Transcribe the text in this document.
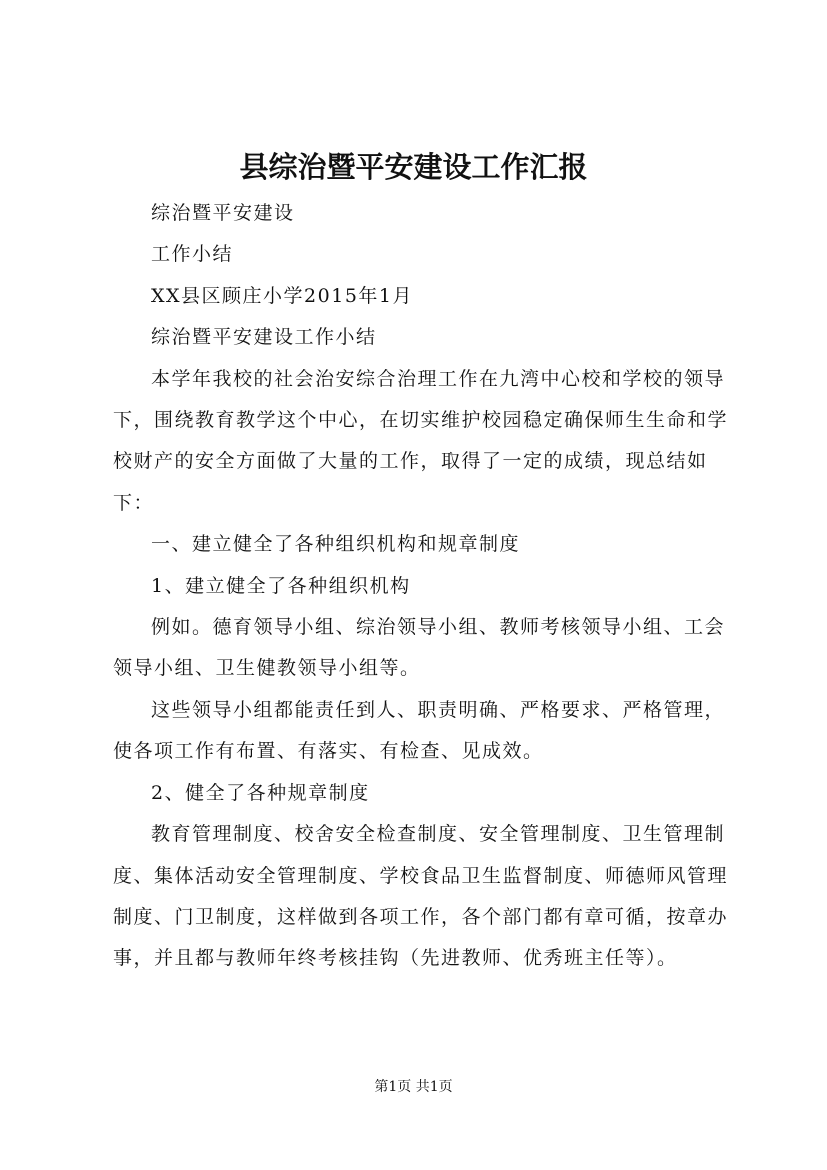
县综治暨平安建设工作汇报

综治暨平安建设

工作小结

XX县区顾庄小学2015年1月

综治暨平安建设工作小结

本学年我校的社会治安综合治理工作在九湾中心校和学校的领导下，围绕教育教学这个中心，在切实维护校园稳定确保师生生命和学校财产的安全方面做了大量的工作，取得了一定的成绩，现总结如下：

一、建立健全了各种组织机构和规章制度

1、建立健全了各种组织机构

例如。德育领导小组、综治领导小组、教师考核领导小组、工会领导小组、卫生健教领导小组等。

这些领导小组都能责任到人、职责明确、严格要求、严格管理，使各项工作有布置、有落实、有检查、见成效。

2、健全了各种规章制度

教育管理制度、校舍安全检查制度、安全管理制度、卫生管理制度、集体活动安全管理制度、学校食品卫生监督制度、师德师风管理制度、门卫制度，这样做到各项工作，各个部门都有章可循，按章办事，并且都与教师年终考核挂钩（先进教师、优秀班主任等）。

第1页 共1页
